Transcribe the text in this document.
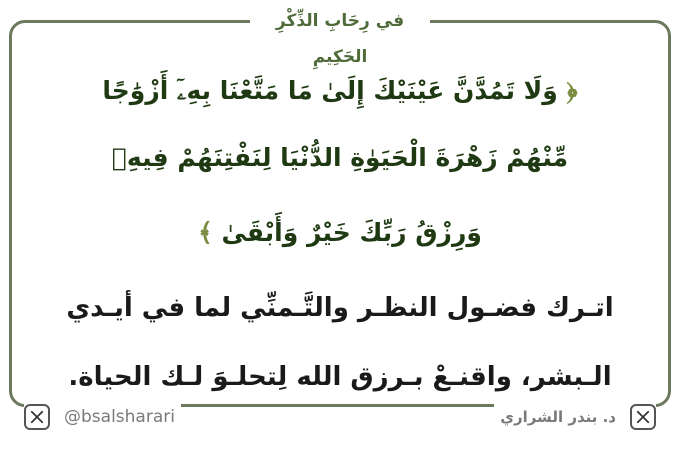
في رِحَابِ الذِّكْرِ الحَكِيمِ
﴿ وَلَا تَمُدَّنَّ عَيْنَيْكَ إِلَىٰ مَا مَتَّعْنَا بِهِۦٓ أَزْوَٰجًا
مِّنْهُمْ زَهْرَةَ الْحَيَوٰةِ الدُّنْيَا لِنَفْتِنَهُمْ فِيهِۚ
وَرِزْقُ رَبِّكَ خَيْرٌ وَأَبْقَىٰ ﴾
اتـرك فضـول النظـر والتَّـمنِّي لما في أيـدي
الـبشر، واقنـعْ بـرزق الله لِتحلـوَ لـك الحياة.
@bsalsharari	د. بندر الشراري
